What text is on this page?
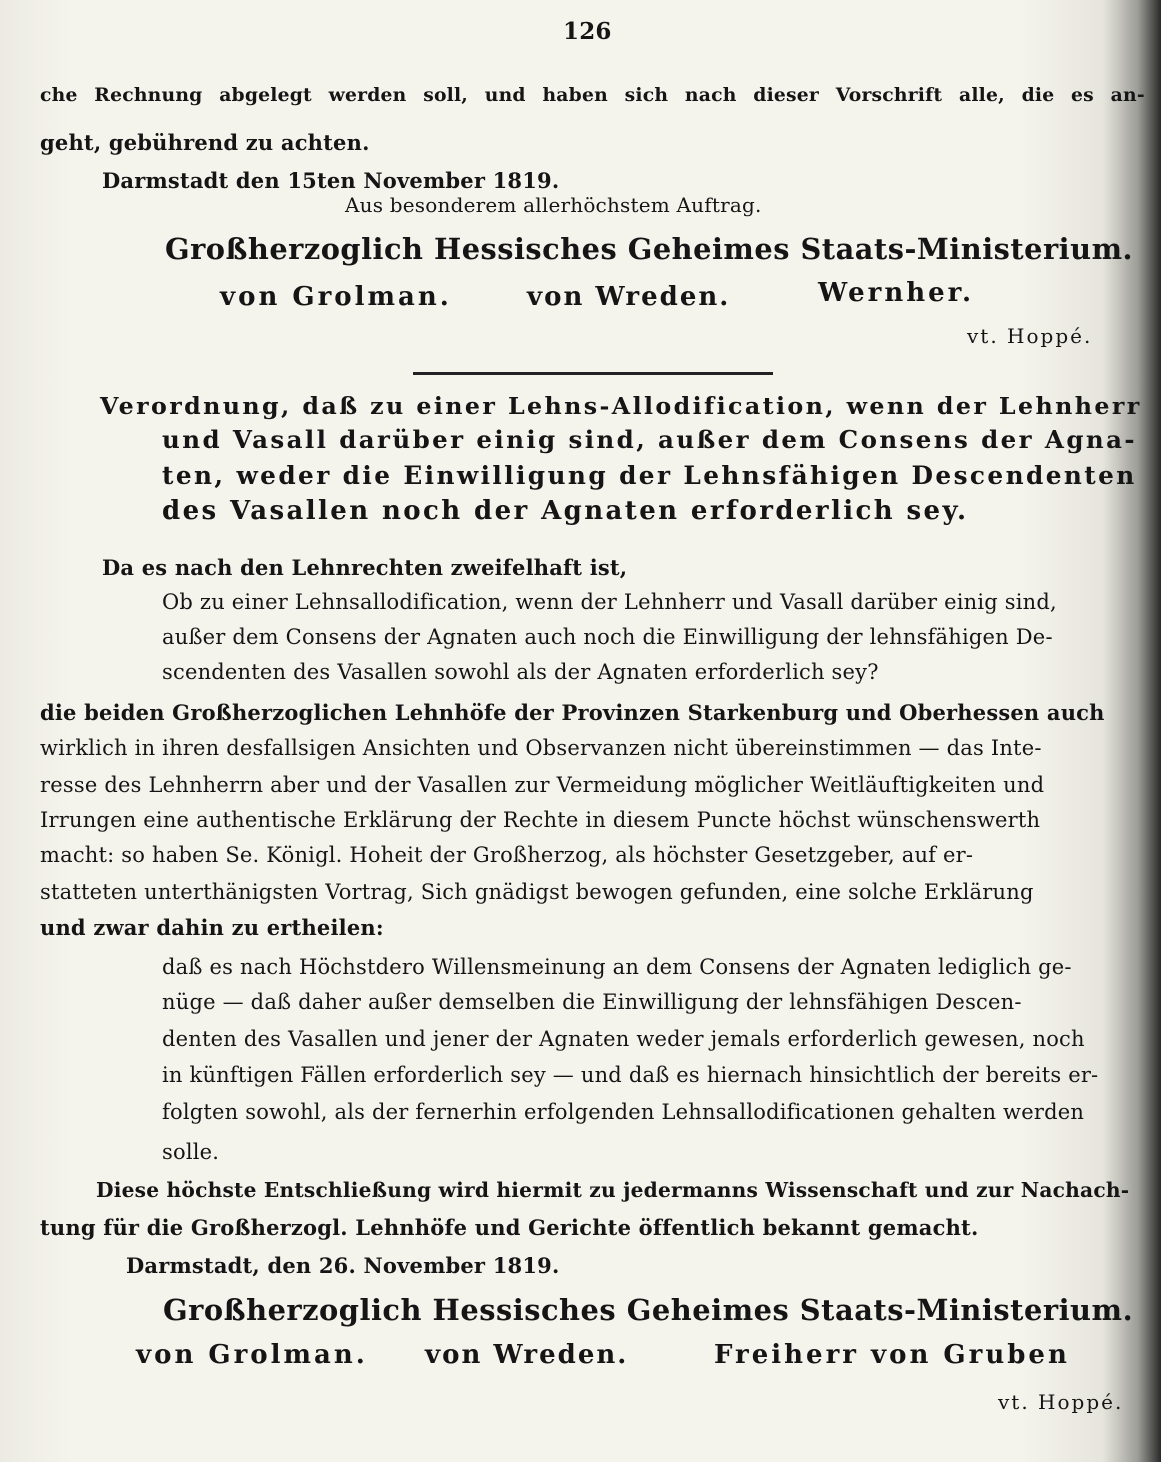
126

che Rechnung abgelegt werden soll, und haben sich nach dieser Vorschrift alle, die es an-

geht, gebührend zu achten.

Darmstadt den 15ten November 1819.

Aus besonderem allerhöchstem Auftrag.

Großherzoglich Hessisches Geheimes Staats-Ministerium.

von Grolman.	von Wreden.	Wernher.

vt. Hoppé.

Verordnung, daß zu einer Lehns-Allodification, wenn der Lehnherr

und Vasall darüber einig sind, außer dem Consens der Agna-

ten, weder die Einwilligung der Lehnsfähigen Descendenten

des Vasallen noch der Agnaten erforderlich sey.

Da es nach den Lehnrechten zweifelhaft ist,

Ob zu einer Lehnsallodification, wenn der Lehnherr und Vasall darüber einig sind,

außer dem Consens der Agnaten auch noch die Einwilligung der lehnsfähigen De-

scendenten des Vasallen sowohl als der Agnaten erforderlich sey?

die beiden Großherzoglichen Lehnhöfe der Provinzen Starkenburg und Oberhessen auch

wirklich in ihren desfallsigen Ansichten und Observanzen nicht übereinstimmen — das Inte-

resse des Lehnherrn aber und der Vasallen zur Vermeidung möglicher Weitläuftigkeiten und

Irrungen eine authentische Erklärung der Rechte in diesem Puncte höchst wünschenswerth

macht: so haben Se. Königl. Hoheit der Großherzog, als höchster Gesetzgeber, auf er-

statteten unterthänigsten Vortrag, Sich gnädigst bewogen gefunden, eine solche Erklärung

und zwar dahin zu ertheilen:

daß es nach Höchstdero Willensmeinung an dem Consens der Agnaten lediglich ge-

nüge — daß daher außer demselben die Einwilligung der lehnsfähigen Descen-

denten des Vasallen und jener der Agnaten weder jemals erforderlich gewesen, noch

in künftigen Fällen erforderlich sey — und daß es hiernach hinsichtlich der bereits er-

folgten sowohl, als der fernerhin erfolgenden Lehnsallodificationen gehalten werden

solle.

Diese höchste Entschließung wird hiermit zu jedermanns Wissenschaft und zur Nachach-

tung für die Großherzogl. Lehnhöfe und Gerichte öffentlich bekannt gemacht.

Darmstadt, den 26. November 1819.

Großherzoglich Hessisches Geheimes Staats-Ministerium.

von Grolman. von Wreden.	Freiherr von Gruben

vt. Hoppé.
